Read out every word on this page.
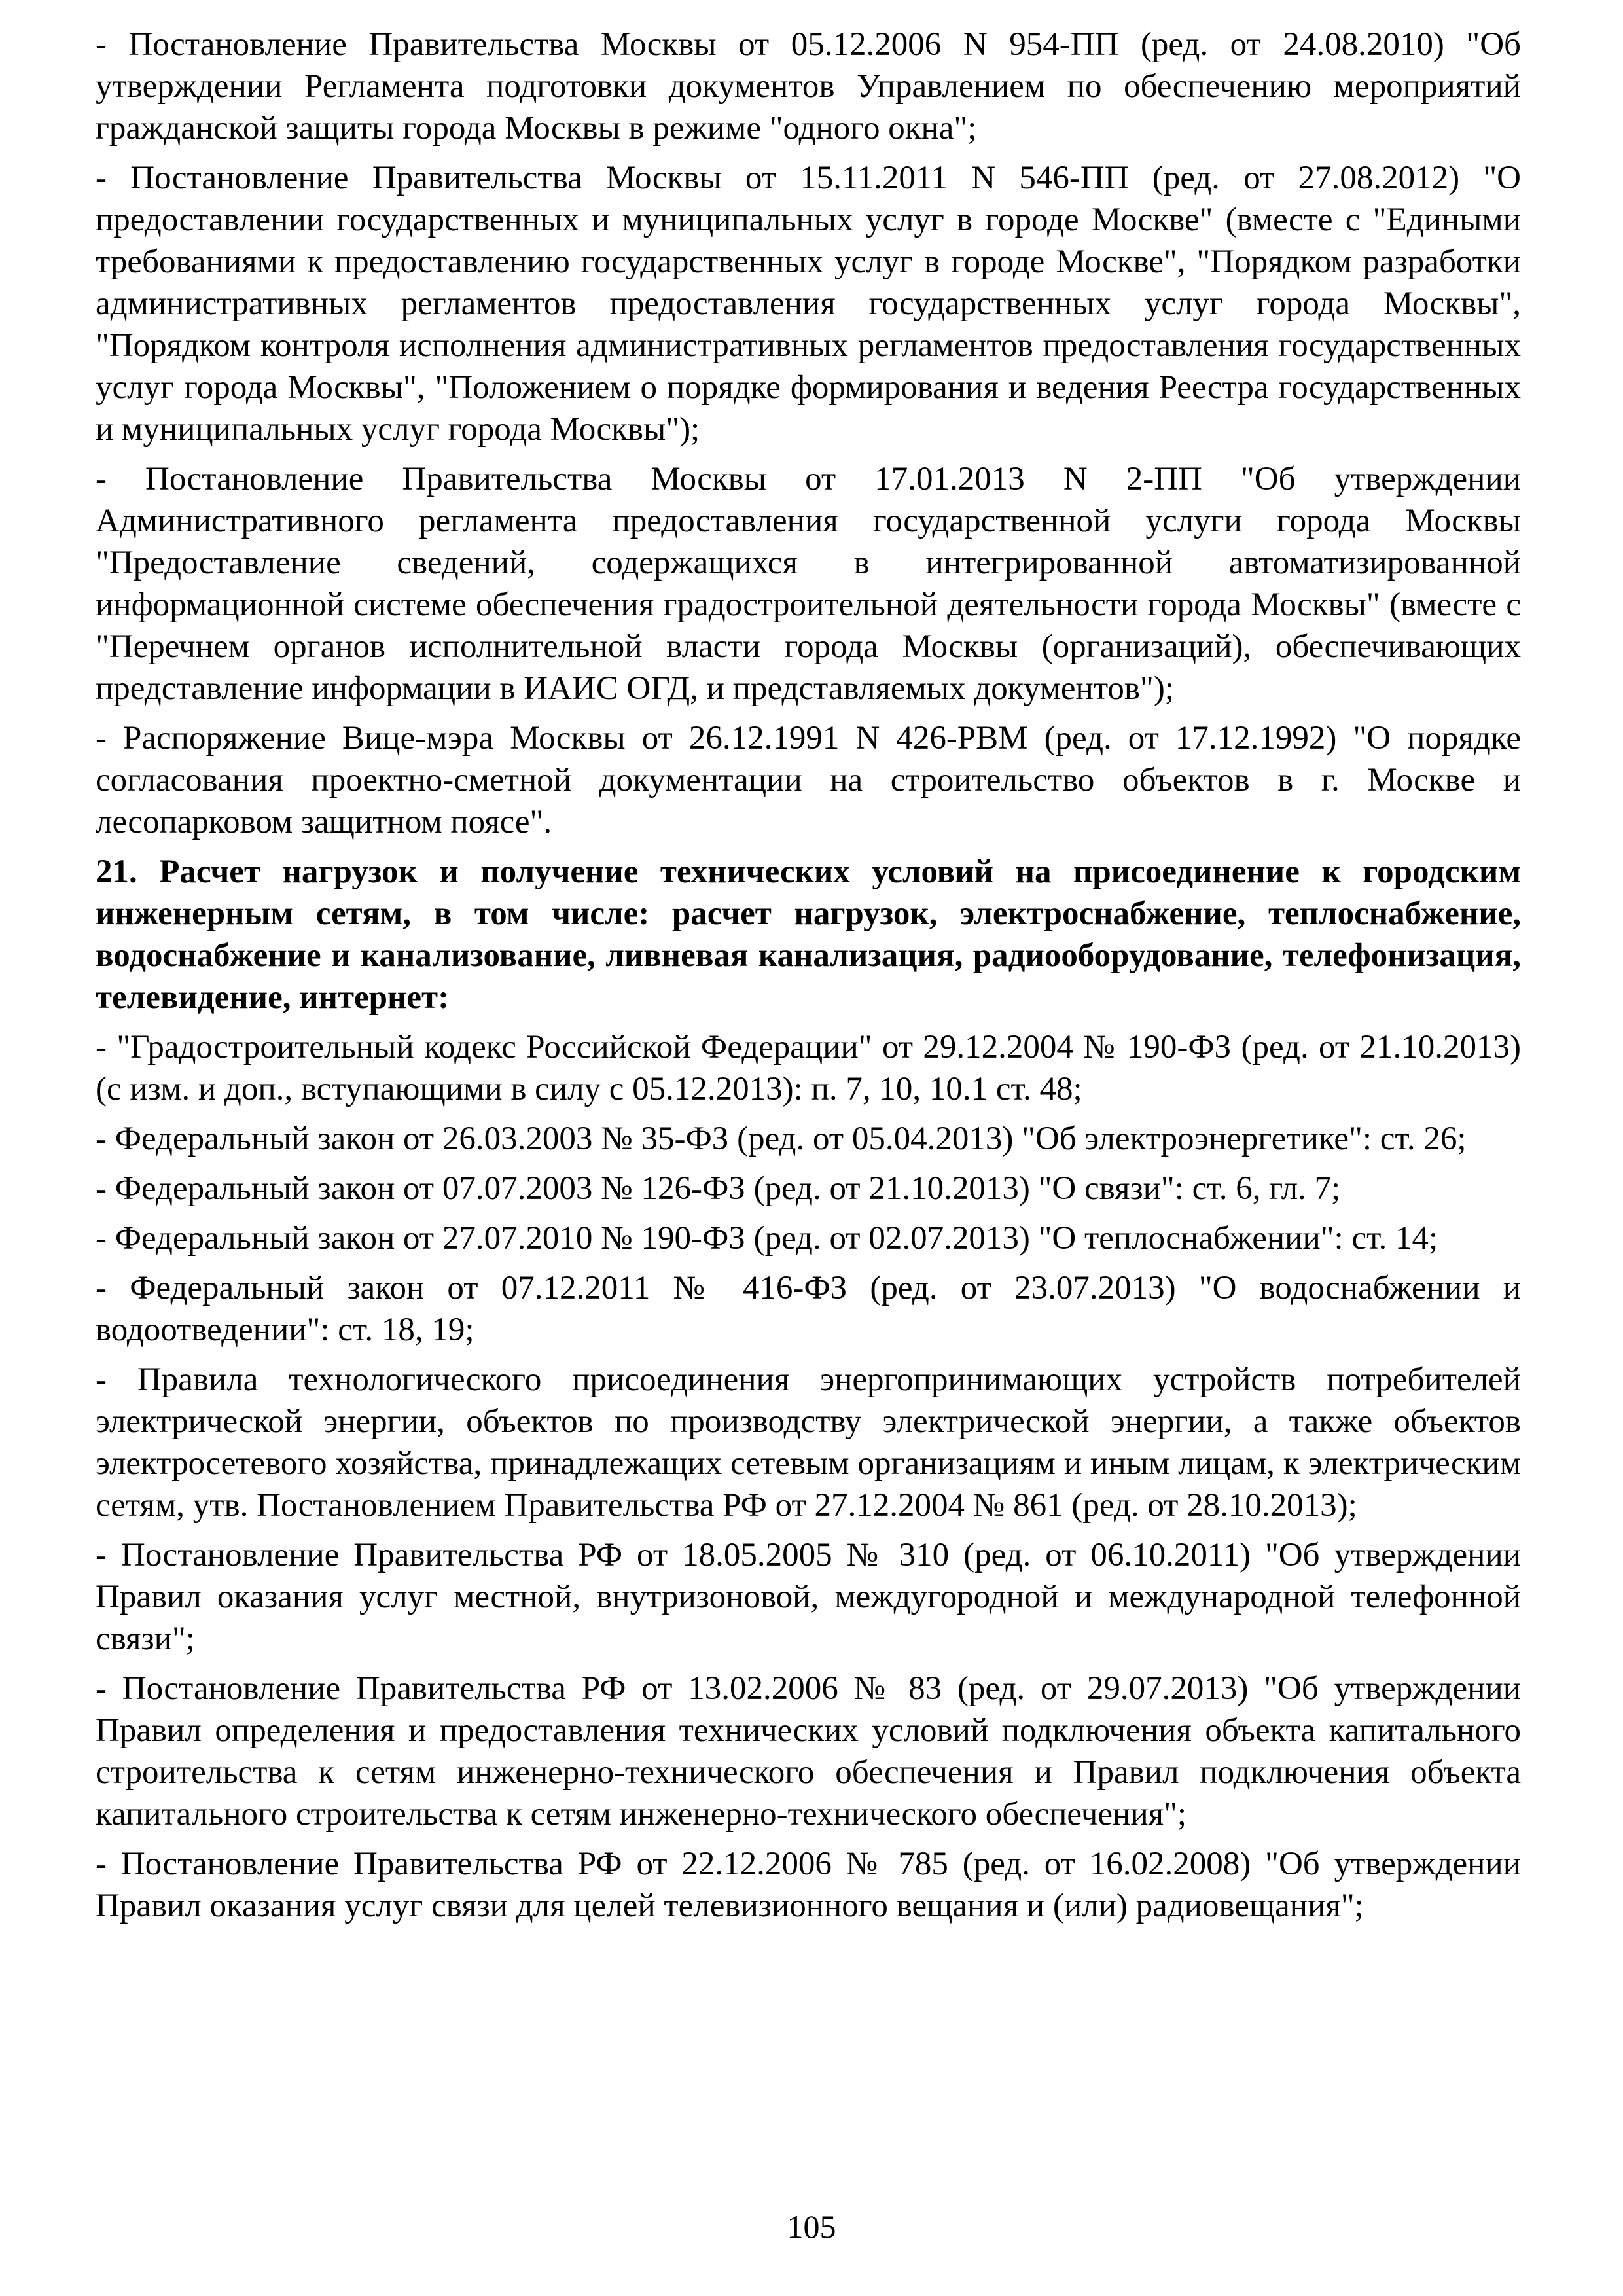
- Постановление Правительства Москвы от 05.12.2006 N 954-ПП (ред. от 24.08.2010) "Об утверждении Регламента подготовки документов Управлением по обеспечению мероприятий гражданской защиты города Москвы в режиме "одного окна";

- Постановление Правительства Москвы от 15.11.2011 N 546-ПП (ред. от 27.08.2012) "О предоставлении государственных и муниципальных услуг в городе Москве" (вместе с "Едиными требованиями к предоставлению государственных услуг в городе Москве", "Порядком разработки административных регламентов предоставления государственных услуг города Москвы", "Порядком контроля исполнения административных регламентов предоставления государственных услуг города Москвы", "Положением о порядке формирования и ведения Реестра государственных и муниципальных услуг города Москвы");

- Постановление Правительства Москвы от 17.01.2013 N 2-ПП "Об утверждении Административного регламента предоставления государственной услуги города Москвы "Предоставление сведений, содержащихся в интегрированной автоматизированной информационной системе обеспечения градостроительной деятельности города Москвы" (вместе с "Перечнем органов исполнительной власти города Москвы (организаций), обеспечивающих представление информации в ИАИС ОГД, и представляемых документов");

- Распоряжение Вице-мэра Москвы от 26.12.1991 N 426-РВМ (ред. от 17.12.1992) "О порядке согласования проектно-сметной документации на строительство объектов в г. Москве и лесопарковом защитном поясе".

21. Расчет нагрузок и получение технических условий на присоединение к городским инженерным сетям, в том числе: расчет нагрузок, электроснабжение, теплоснабжение, водоснабжение и канализование, ливневая канализация, радиооборудование, телефонизация, телевидение, интернет:

- "Градостроительный кодекс Российской Федерации" от 29.12.2004 № 190-ФЗ (ред. от 21.10.2013) (с изм. и доп., вступающими в силу с 05.12.2013): п. 7, 10, 10.1 ст. 48;

- Федеральный закон от 26.03.2003 № 35-ФЗ (ред. от 05.04.2013) "Об электроэнергетике": ст. 26;

- Федеральный закон от 07.07.2003 № 126-ФЗ (ред. от 21.10.2013) "О связи": ст. 6, гл. 7;

- Федеральный закон от 27.07.2010 № 190-ФЗ (ред. от 02.07.2013) "О теплоснабжении": ст. 14;

- Федеральный закон от 07.12.2011 № 416-ФЗ (ред. от 23.07.2013) "О водоснабжении и водоотведении": ст. 18, 19;

- Правила технологического присоединения энергопринимающих устройств потребителей электрической энергии, объектов по производству электрической энергии, а также объектов электросетевого хозяйства, принадлежащих сетевым организациям и иным лицам, к электрическим сетям, утв. Постановлением Правительства РФ от 27.12.2004 № 861 (ред. от 28.10.2013);

- Постановление Правительства РФ от 18.05.2005 № 310 (ред. от 06.10.2011) "Об утверждении Правил оказания услуг местной, внутризоновой, междугородной и международной телефонной связи";

- Постановление Правительства РФ от 13.02.2006 № 83 (ред. от 29.07.2013) "Об утверждении Правил определения и предоставления технических условий подключения объекта капитального строительства к сетям инженерно-технического обеспечения и Правил подключения объекта капитального строительства к сетям инженерно-технического обеспечения";

- Постановление Правительства РФ от 22.12.2006 № 785 (ред. от 16.02.2008) "Об утверждении Правил оказания услуг связи для целей телевизионного вещания и (или) радиовещания";

105
